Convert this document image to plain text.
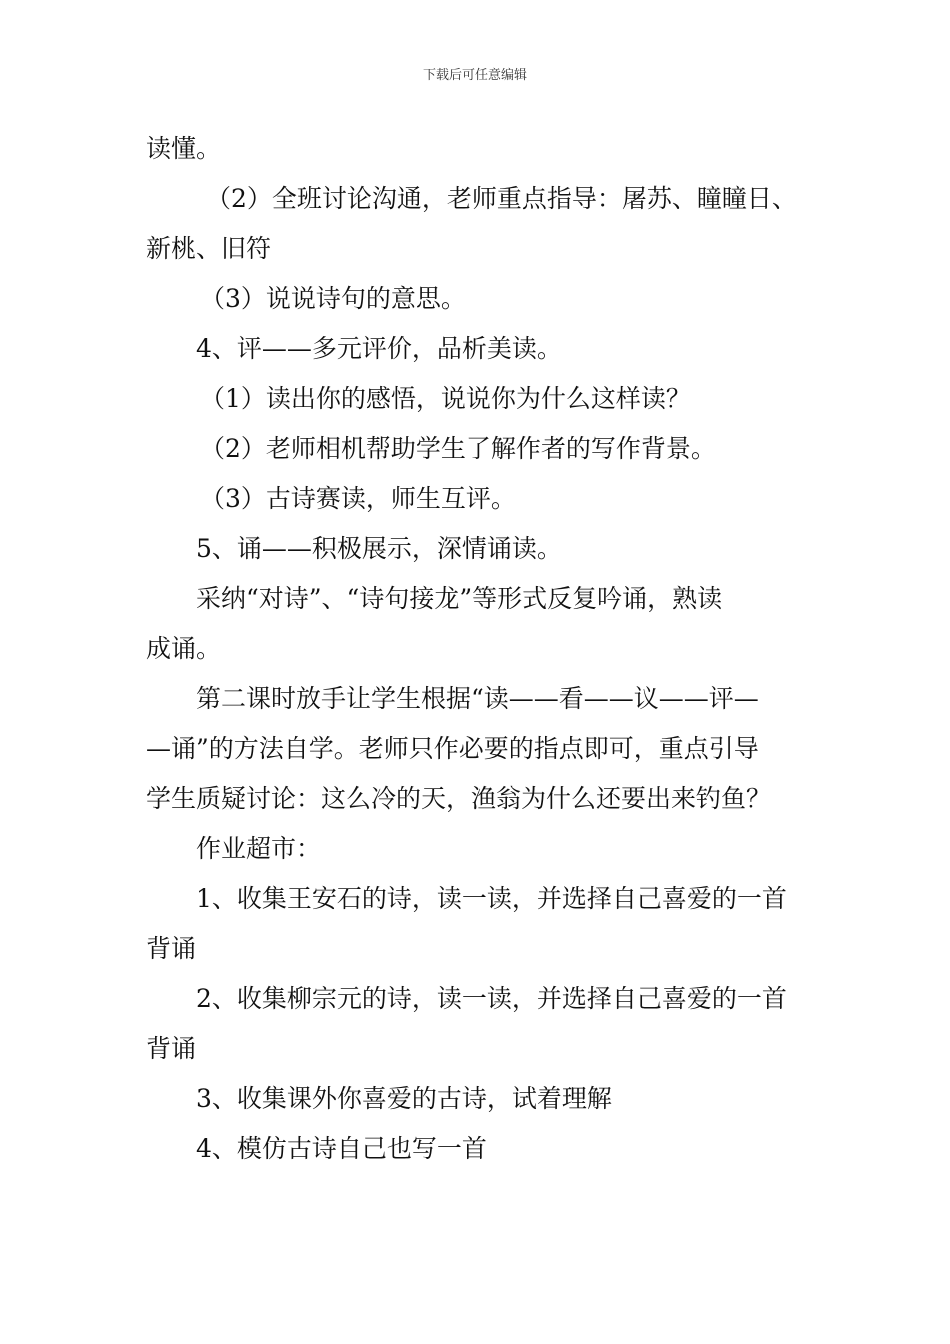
下载后可任意编辑
读懂。
（2）全班讨论沟通，老师重点指导：屠苏、瞳瞳日、
新桃、旧符
（3）说说诗句的意思。
4、评——多元评价，品析美读。
（1）读出你的感悟，说说你为什么这样读？
（2）老师相机帮助学生了解作者的写作背景。
（3）古诗赛读，师生互评。
5、诵——积极展示，深情诵读。
采纳“对诗”、“诗句接龙”等形式反复吟诵，熟读
成诵。
第二课时放手让学生根据“读——看——议——评—
—诵”的方法自学。老师只作必要的指点即可，重点引导
学生质疑讨论：这么冷的天，渔翁为什么还要出来钓鱼？
作业超市：
1、收集王安石的诗，读一读，并选择自己喜爱的一首
背诵
2、收集柳宗元的诗，读一读，并选择自己喜爱的一首
背诵
3、收集课外你喜爱的古诗，试着理解
4、模仿古诗自己也写一首
